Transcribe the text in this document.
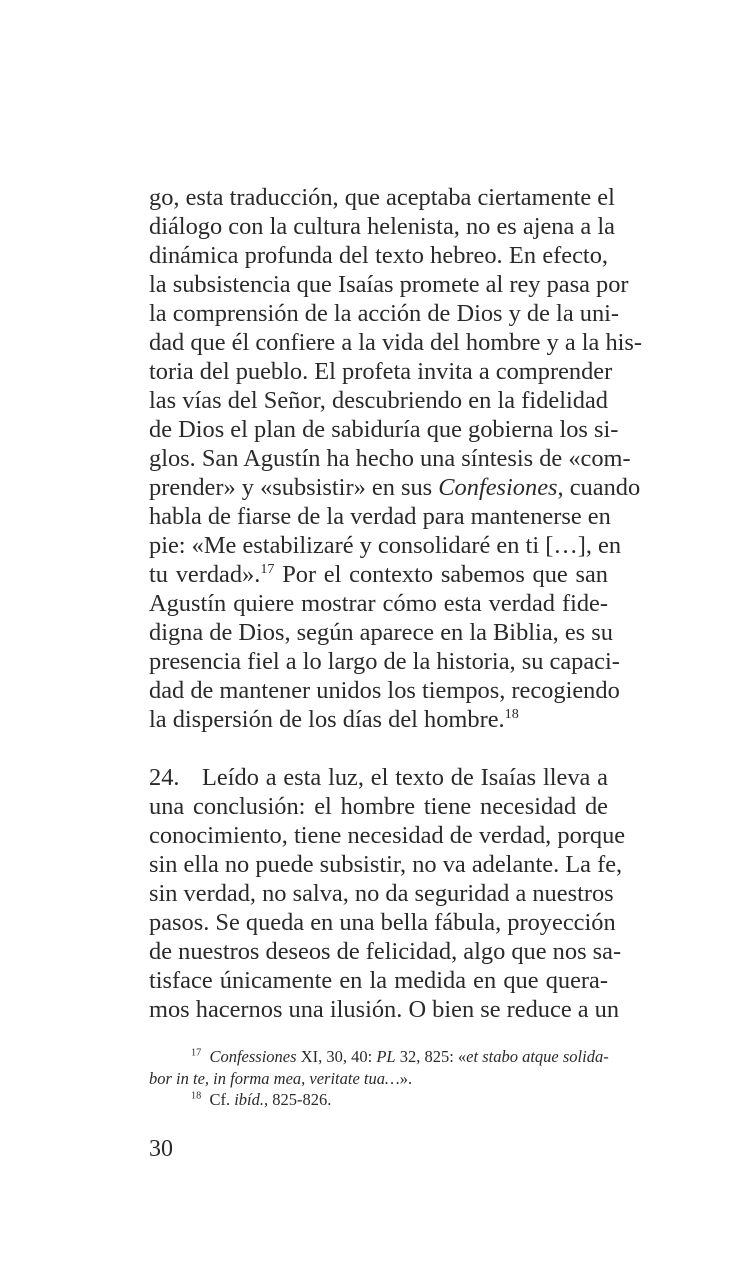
go, esta traducción, que aceptaba ciertamente el
diálogo con la cultura helenista, no es ajena a la
dinámica profunda del texto hebreo. En efecto,
la subsistencia que Isaías promete al rey pasa por
la comprensión de la acción de Dios y de la uni-
dad que él confiere a la vida del hombre y a la his-
toria del pueblo. El profeta invita a comprender
las vías del Señor, descubriendo en la fidelidad
de Dios el plan de sabiduría que gobierna los si-
glos. San Agustín ha hecho una síntesis de «com-
prender» y «subsistir» en sus Confesiones, cuando
habla de fiarse de la verdad para mantenerse en
pie: «Me estabilizaré y consolidaré en ti […], en
tu verdad».$^{17}$ Por el contexto sabemos que san
Agustín quiere mostrar cómo esta verdad fide-
digna de Dios, según aparece en la Biblia, es su
presencia fiel a lo largo de la historia, su capaci-
dad de mantener unidos los tiempos, recogiendo
la dispersión de los días del hombre.$^{18}$
24. Leído a esta luz, el texto de Isaías lleva a
una conclusión: el hombre tiene necesidad de
conocimiento, tiene necesidad de verdad, porque
sin ella no puede subsistir, no va adelante. La fe,
sin verdad, no salva, no da seguridad a nuestros
pasos. Se queda en una bella fábula, proyección
de nuestros deseos de felicidad, algo que nos sa-
tisface únicamente en la medida en que quera-
mos hacernos una ilusión. O bien se reduce a un
$^{17}$ Confessiones XI, 30, 40: PL 32, 825: «et stabo atque solida-
bor in te, in forma mea, veritate tua…».
$^{18}$ Cf. ibíd., 825-826.
30
